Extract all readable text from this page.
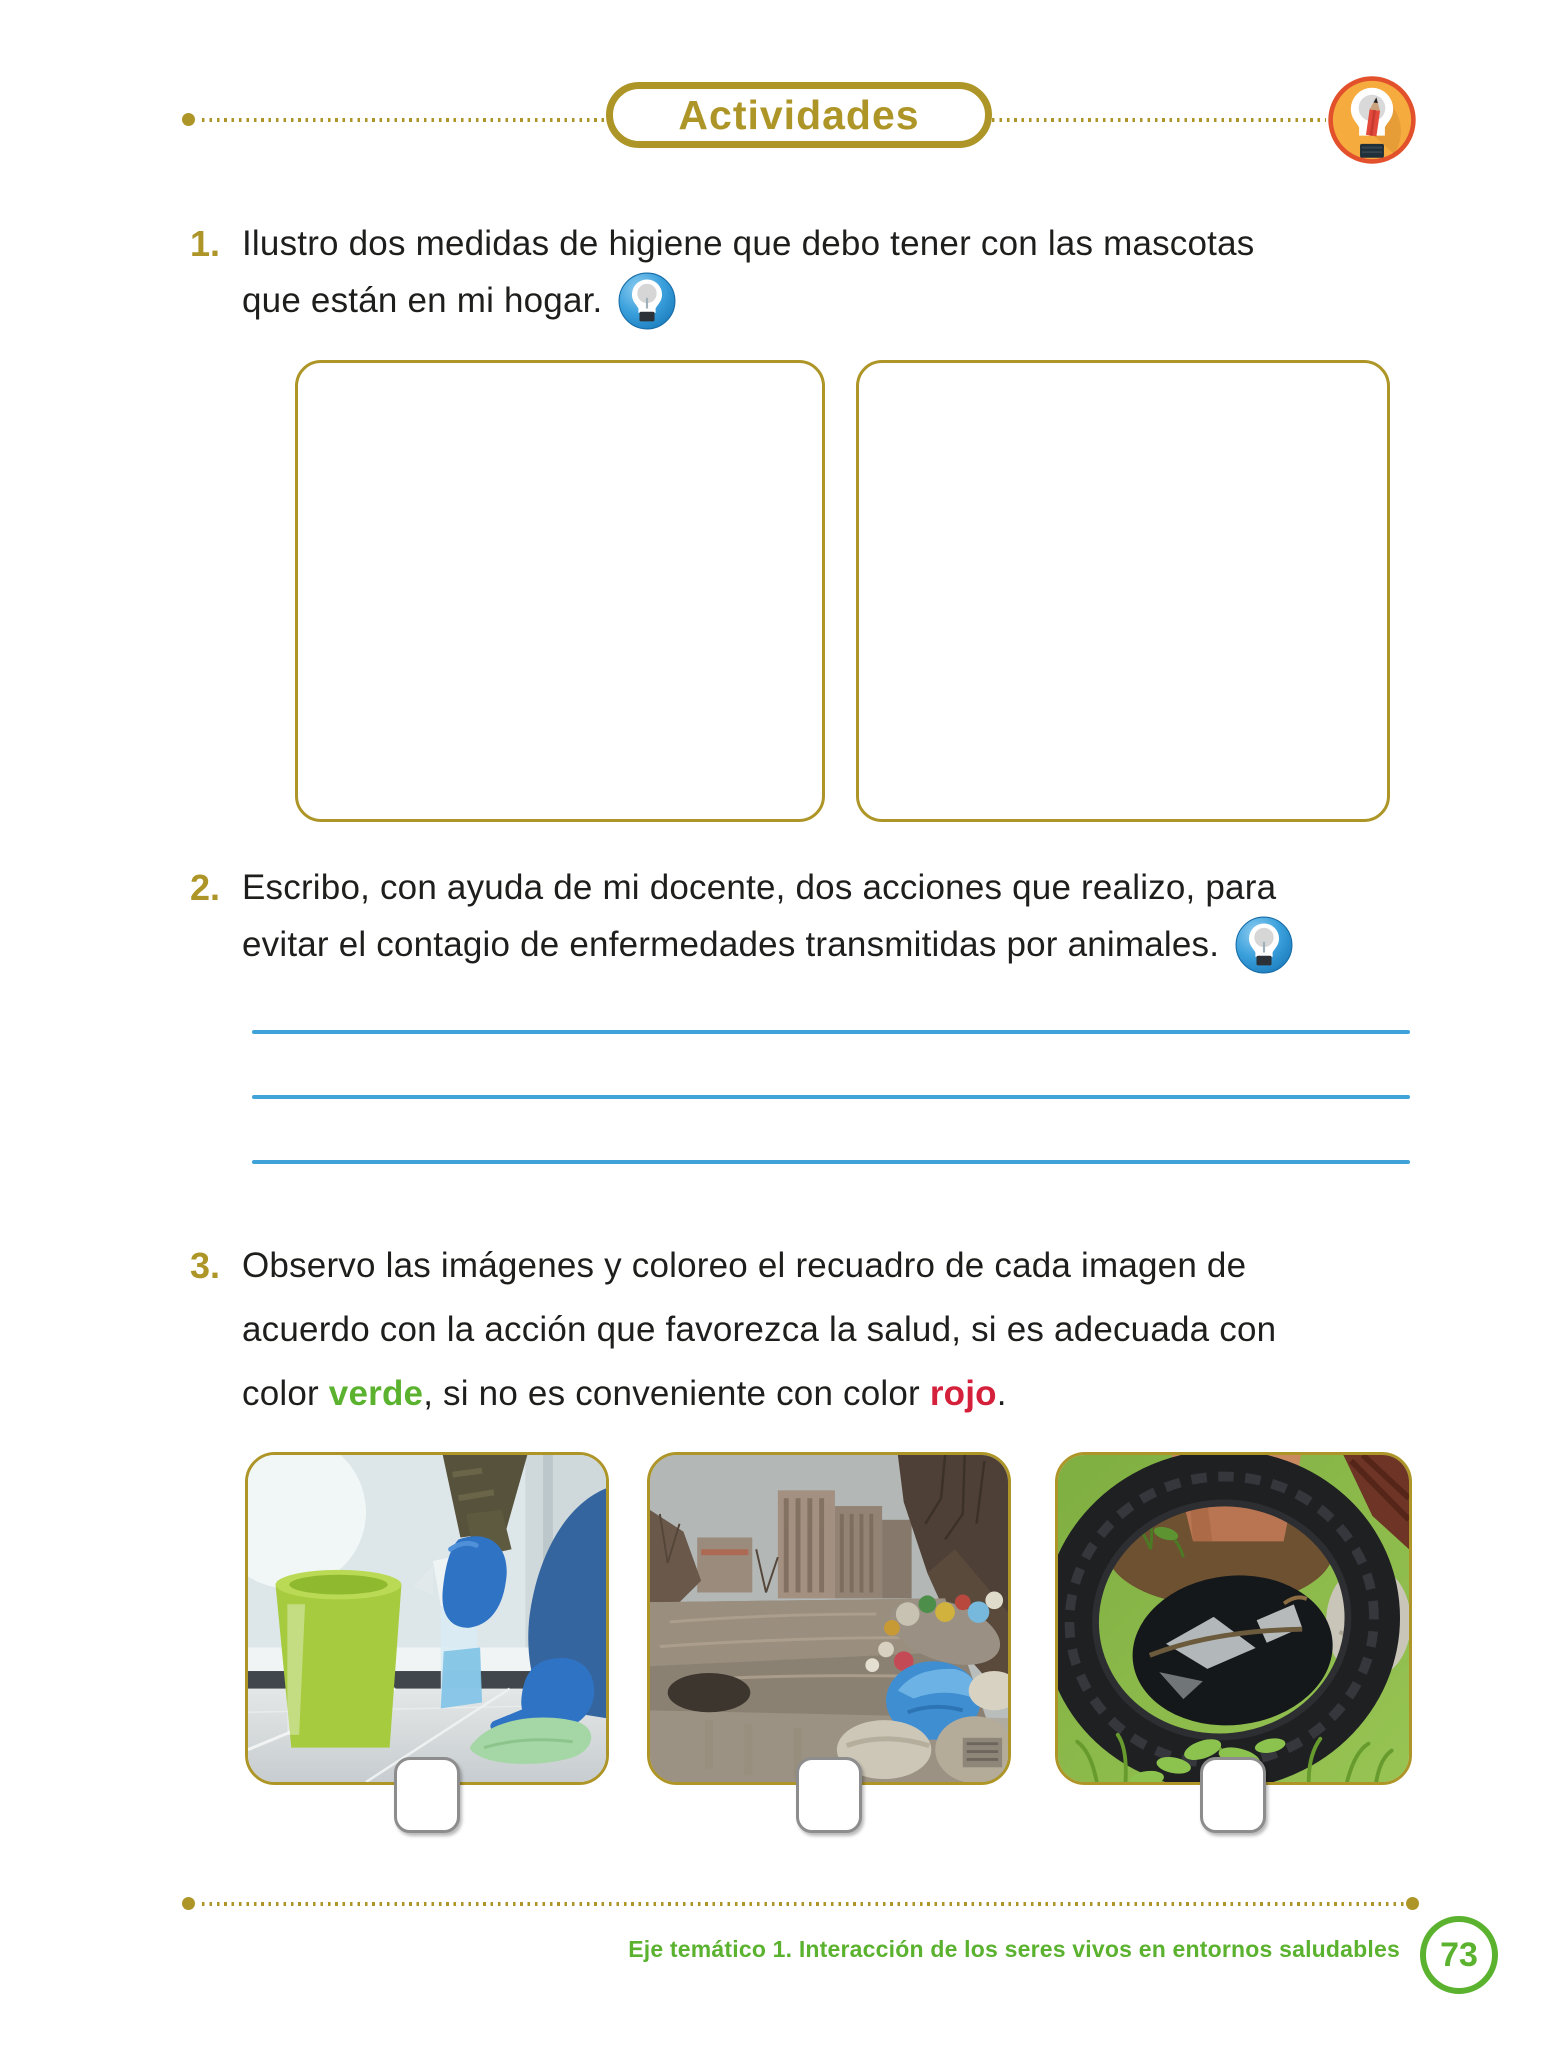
Actividades
1. Ilustro dos medidas de higiene que debo tener con las mascotas
que están en mi hogar.
2. Escribo, con ayuda de mi docente, dos acciones que realizo, para
evitar el contagio de enfermedades transmitidas por animales.
3. Observo las imágenes y coloreo el recuadro de cada imagen de
acuerdo con la acción que favorezca la salud, si es adecuada con
color verde, si no es conveniente con color rojo.
Eje temático 1. Interacción de los seres vivos en entornos saludables 73
